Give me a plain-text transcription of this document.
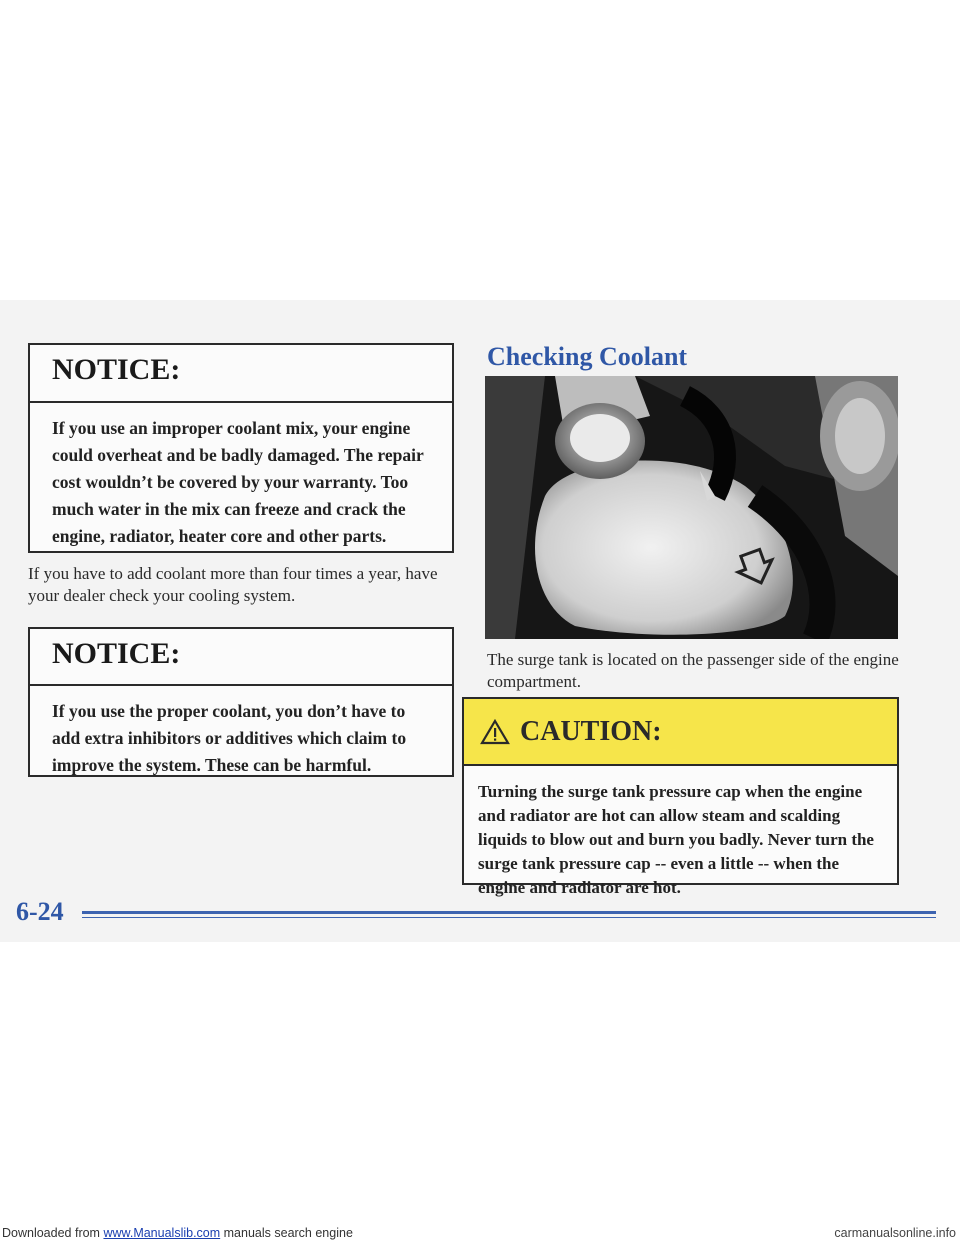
NOTICE:
If you use an improper coolant mix, your engine could overheat and be badly damaged. The repair cost wouldn’t be covered by your warranty. Too much water in the mix can freeze and crack the engine, radiator, heater core and other parts.
If you have to add coolant more than four times a year, have your dealer check your cooling system.
NOTICE:
If you use the proper coolant, you don’t have to add extra inhibitors or additives which claim to improve the system. These can be harmful.
Checking Coolant
The surge tank is located on the passenger side of the engine compartment.
CAUTION:
Turning the surge tank pressure cap when the engine and radiator are hot can allow steam and scalding liquids to blow out and burn you badly. Never turn the surge tank pressure cap -- even a little -- when the engine and radiator are hot.
6-24
Downloaded from www.Manualslib.com manuals search engine	carmanualsonline.info
